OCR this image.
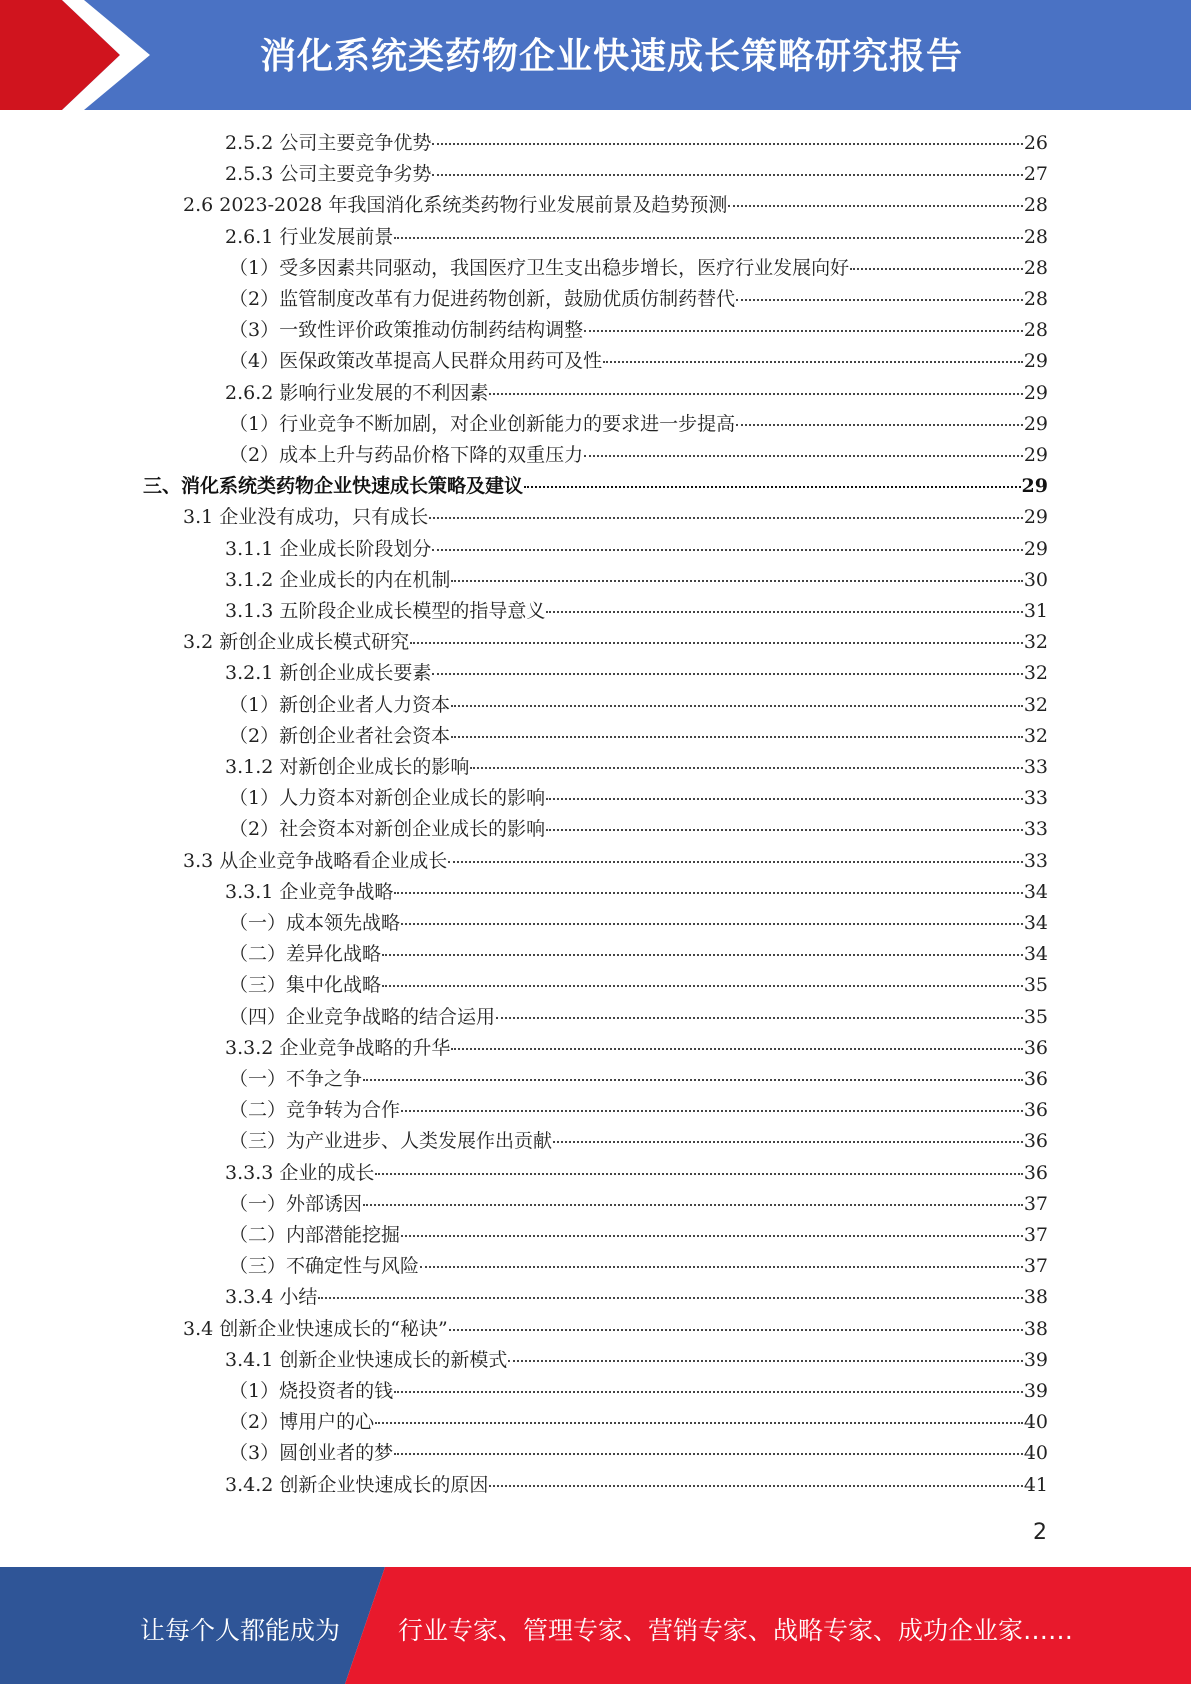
消化系统类药物企业快速成长策略研究报告
2.5.2 公司主要竞争优势	26
2.5.3 公司主要竞争劣势	27
2.6 2023-2028 年我国消化系统类药物行业发展前景及趋势预测	28
2.6.1 行业发展前景	28
（1）受多因素共同驱动，我国医疗卫生支出稳步增长，医疗行业发展向好	28
（2）监管制度改革有力促进药物创新，鼓励优质仿制药替代	28
（3）一致性评价政策推动仿制药结构调整	28
（4）医保政策改革提高人民群众用药可及性	29
2.6.2 影响行业发展的不利因素	29
（1）行业竞争不断加剧，对企业创新能力的要求进一步提高	29
（2）成本上升与药品价格下降的双重压力	29
三、消化系统类药物企业快速成长策略及建议	29
3.1 企业没有成功，只有成长	29
3.1.1 企业成长阶段划分	29
3.1.2 企业成长的内在机制	30
3.1.3 五阶段企业成长模型的指导意义	31
3.2 新创企业成长模式研究	32
3.2.1 新创企业成长要素	32
（1）新创企业者人力资本	32
（2）新创企业者社会资本	32
3.1.2 对新创企业成长的影响	33
（1）人力资本对新创企业成长的影响	33
（2）社会资本对新创企业成长的影响	33
3.3 从企业竞争战略看企业成长	33
3.3.1 企业竞争战略	34
（一）成本领先战略	34
（二）差异化战略	34
（三）集中化战略	35
（四）企业竞争战略的结合运用	35
3.3.2 企业竞争战略的升华	36
（一）不争之争	36
（二）竞争转为合作	36
（三）为产业进步、人类发展作出贡献	36
3.3.3 企业的成长	36
（一）外部诱因	37
（二）内部潜能挖掘	37
（三）不确定性与风险	37
3.3.4 小结	38
3.4 创新企业快速成长的“秘诀”	38
3.4.1 创新企业快速成长的新模式	39
（1）烧投资者的钱	39
（2）博用户的心	40
（3）圆创业者的梦	40
3.4.2 创新企业快速成长的原因	41
2
让每个人都能成为 行业专家、管理专家、营销专家、战略专家、成功企业家……
